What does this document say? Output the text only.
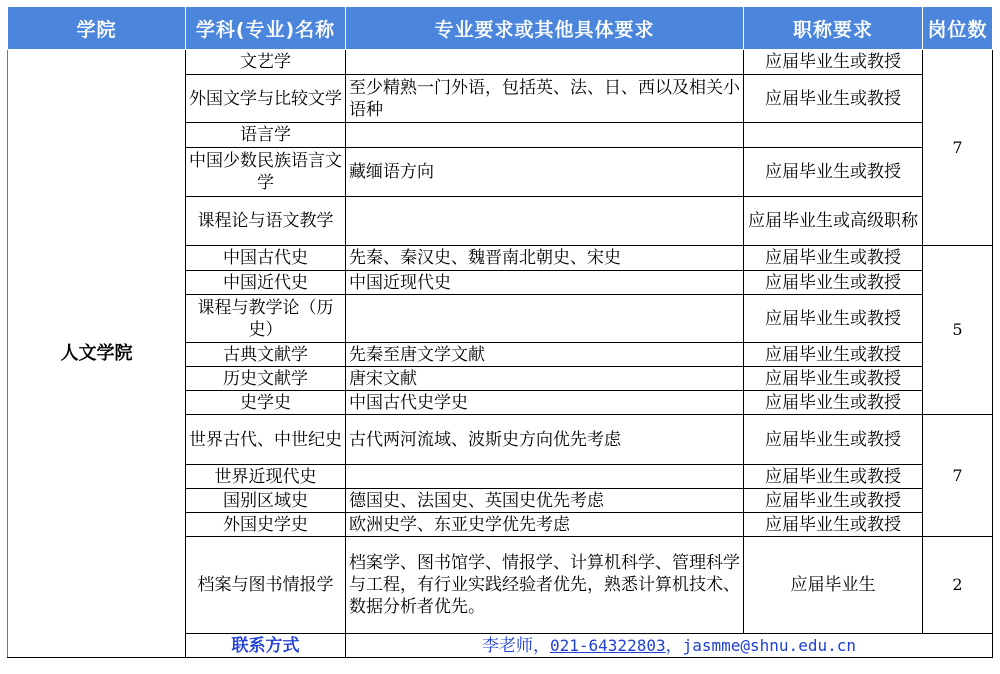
学院	学科(专业)名称	专业要求或其他具体要求	职称要求	岗位数
人文学院	文艺学		应届毕业生或教授	7
	外国文学与比较文学	至少精熟一门外语，包括英、法、日、西以及相关小语种	应届毕业生或教授	
	语言学			
	中国少数民族语言文学	藏缅语方向	应届毕业生或教授	
	课程论与语文教学		应届毕业生或高级职称	
	中国古代史	先秦、秦汉史、魏晋南北朝史、宋史	应届毕业生或教授	5
	中国近代史	中国近现代史	应届毕业生或教授	
	课程与教学论（历史）		应届毕业生或教授	
	古典文献学	先秦至唐文学文献	应届毕业生或教授	
	历史文献学	唐宋文献	应届毕业生或教授	
	史学史	中国古代史学史	应届毕业生或教授	
	世界古代、中世纪史	古代两河流域、波斯史方向优先考虑	应届毕业生或教授	7
	世界近现代史		应届毕业生或教授	
	国别区域史	德国史、法国史、英国史优先考虑	应届毕业生或教授	
	外国史学史	欧洲史学、东亚史学优先考虑	应届毕业生或教授	
	档案与图书情报学	档案学、图书馆学、情报学、计算机科学、管理科学与工程，有行业实践经验者优先，熟悉计算机技术、数据分析者优先。	应届毕业生	2
	联系方式	李老师，021-64322803，jasmme@shnu.edu.cn		
